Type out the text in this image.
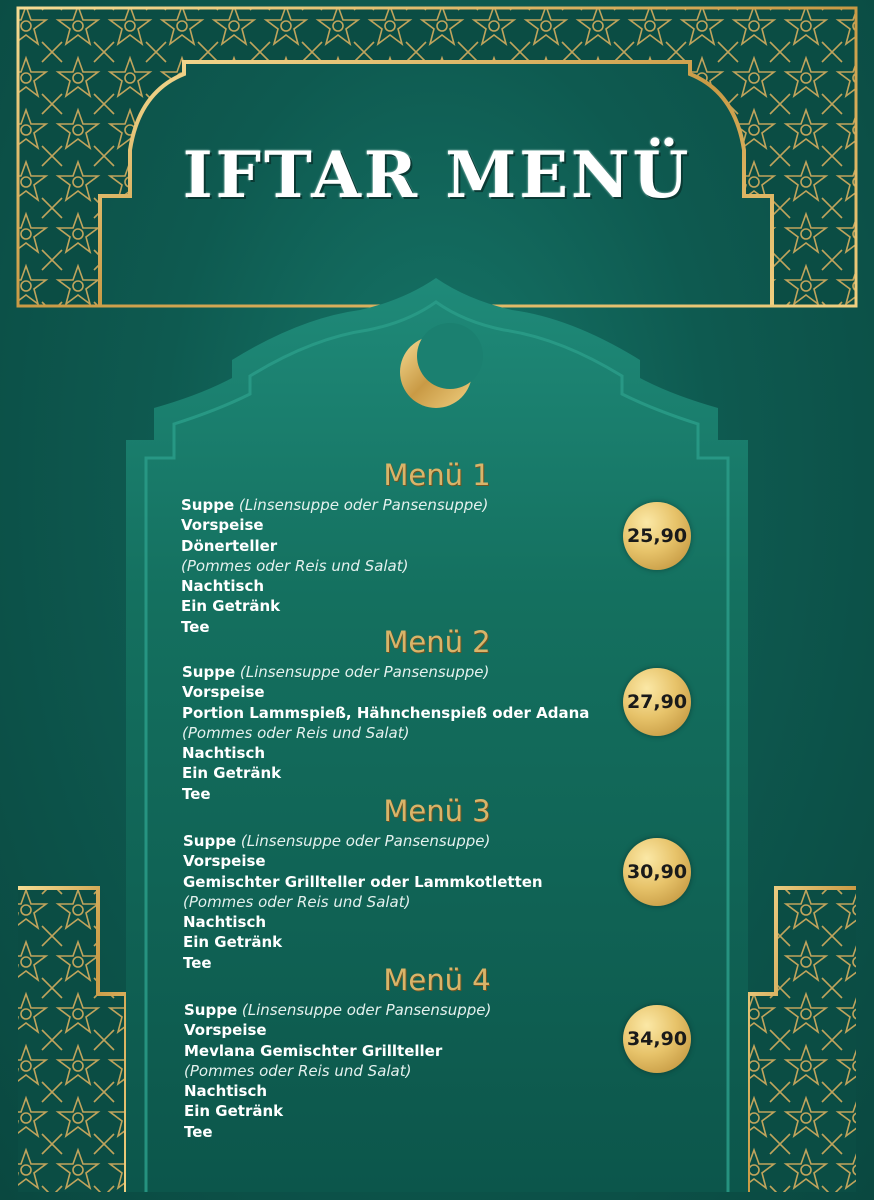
IFTAR MENÜ
Menü 1
Suppe (Linsensuppe oder Pansensuppe)
Vorspeise
Dönerteller
(Pommes oder Reis und Salat)
Nachtisch
Ein Getränk
Tee
25,90
Menü 2
Suppe (Linsensuppe oder Pansensuppe)
Vorspeise
Portion Lammspieß, Hähnchenspieß oder Adana
(Pommes oder Reis und Salat)
Nachtisch
Ein Getränk
Tee
27,90
Menü 3
Suppe (Linsensuppe oder Pansensuppe)
Vorspeise
Gemischter Grillteller oder Lammkotletten
(Pommes oder Reis und Salat)
Nachtisch
Ein Getränk
Tee
30,90
Menü 4
Suppe (Linsensuppe oder Pansensuppe)
Vorspeise
Mevlana Gemischter Grillteller
(Pommes oder Reis und Salat)
Nachtisch
Ein Getränk
Tee
34,90
